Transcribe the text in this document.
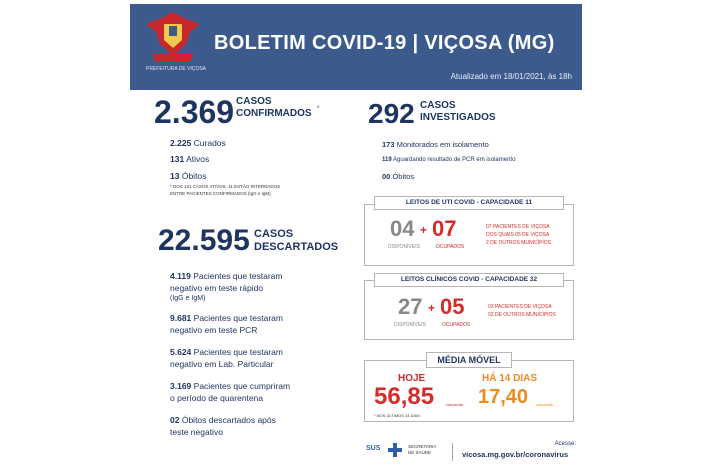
PREFEITURA DE VIÇOSA
BOLETIM COVID-19 | VIÇOSA (MG)
Atualizado em 18/01/2021, às 18h
2.369 CASOS
CONFIRMADOS *
2.225 Curados
131 Ativos
13 Óbitos
* DOS 131 CASOS ATIVOS, 11 ESTÃO INTERNADOS
ENTRE PACIENTES CONFIRMADOS (IgG e IgM)
292 CASOS
INVESTIGADOS
173 Monitorados em isolamento
119 Aguardando resultado de PCR em isolamento
00 Óbitos
22.595 CASOS
DESCARTADOS
4.119 Pacientes que testaram
negativo em teste rápido
(IgG e IgM)
9.681 Pacientes que testaram
negativo em teste PCR
5.624 Pacientes que testaram
negativo em Lab. Particular
3.169 Pacientes que cumpriram
o período de quarentena
02 Óbitos descartados após
teste negativo
LEITOS DE UTI COVID - CAPACIDADE 11
04 + 07
DISPONÍVEIS	OCUPADOS
07 PACIENTES DE VIÇOSA
DOS QUAIS 05 DE VIÇOSA
2 DE OUTROS MUNICÍPIOS
LEITOS CLÍNICOS COVID - CAPACIDADE 32
27 + 05
DISPONÍVEIS	OCUPADOS
03 PACIENTES DE VIÇOSA
02 DE OUTROS MUNICÍPIOS
MÉDIA MÓVEL
HOJE
56,85	casos/dia
* NOS ÚLTIMOS 14 DIAS
HÁ 14 DIAS
17,40 casos/dia
SUS	SECRETARIA
DE SAÚDE
Acesse:
vicosa.mg.gov.br/coronavirus
